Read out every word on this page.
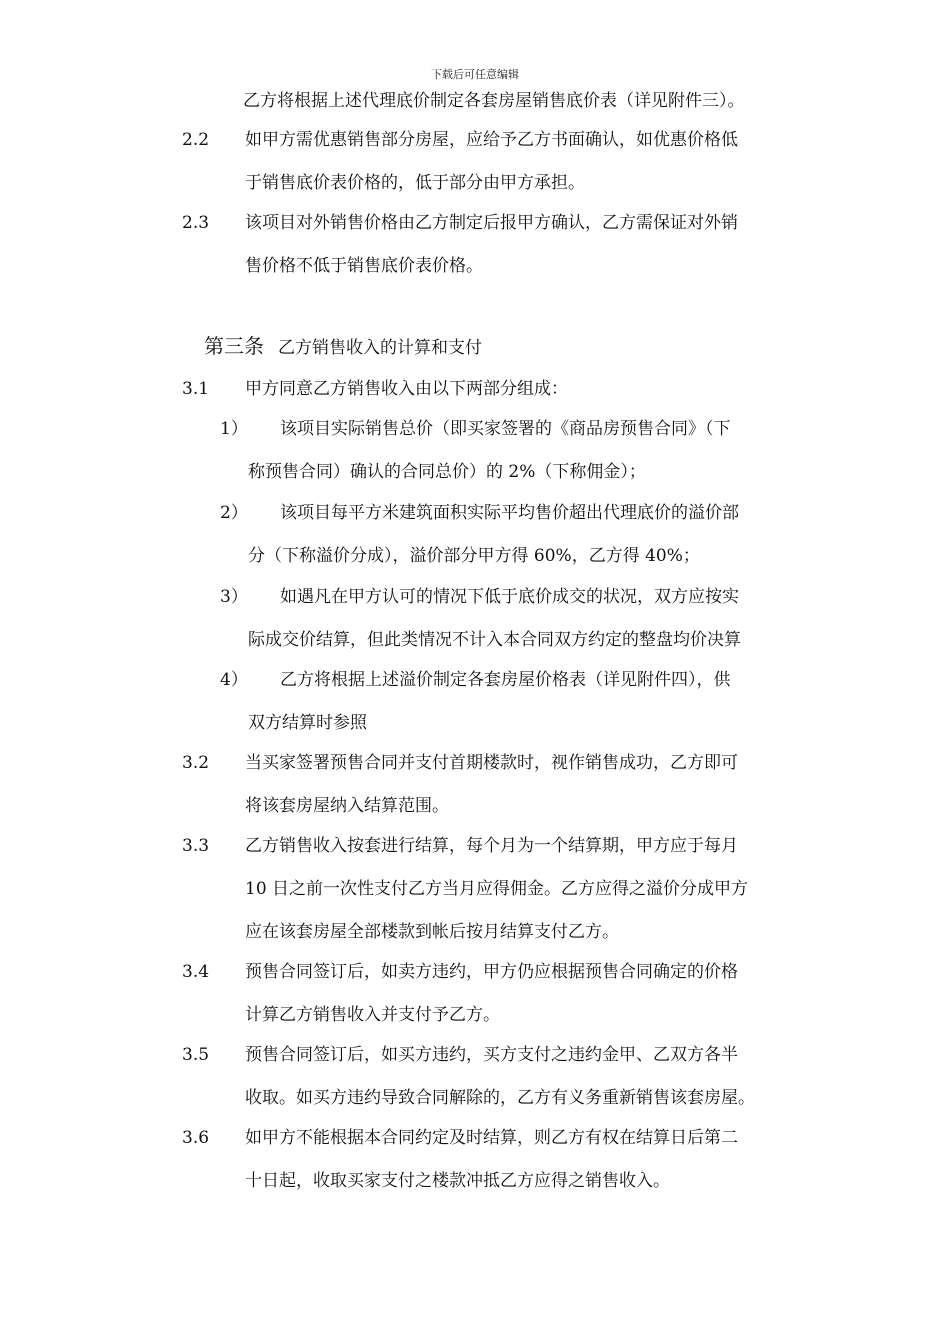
下载后可任意编辑
乙方将根据上述代理底价制定各套房屋销售底价表（详见附件三）。
2.2 如甲方需优惠销售部分房屋，应给予乙方书面确认，如优惠价格低
于销售底价表价格的，低于部分由甲方承担。
2.3 该项目对外销售价格由乙方制定后报甲方确认，乙方需保证对外销
售价格不低于销售底价表价格。
第三条 乙方销售收入的计算和支付
3.1 甲方同意乙方销售收入由以下两部分组成：
1） 该项目实际销售总价（即买家签署的《商品房预售合同》（下
称预售合同）确认的合同总价）的 2%（下称佣金）；
2） 该项目每平方米建筑面积实际平均售价超出代理底价的溢价部
分（下称溢价分成），溢价部分甲方得 60%，乙方得 40%；
3） 如遇凡在甲方认可的情况下低于底价成交的状况，双方应按实
际成交价结算，但此类情况不计入本合同双方约定的整盘均价决算
4） 乙方将根据上述溢价制定各套房屋价格表（详见附件四），供
双方结算时参照
3.2 当买家签署预售合同并支付首期楼款时，视作销售成功，乙方即可
将该套房屋纳入结算范围。
3.3 乙方销售收入按套进行结算，每个月为一个结算期，甲方应于每月
10 日之前一次性支付乙方当月应得佣金。乙方应得之溢价分成甲方
应在该套房屋全部楼款到帐后按月结算支付乙方。
3.4 预售合同签订后，如卖方违约，甲方仍应根据预售合同确定的价格
计算乙方销售收入并支付予乙方。
3.5 预售合同签订后，如买方违约，买方支付之违约金甲、乙双方各半
收取。如买方违约导致合同解除的，乙方有义务重新销售该套房屋。
3.6 如甲方不能根据本合同约定及时结算，则乙方有权在结算日后第二
十日起，收取买家支付之楼款冲抵乙方应得之销售收入。
